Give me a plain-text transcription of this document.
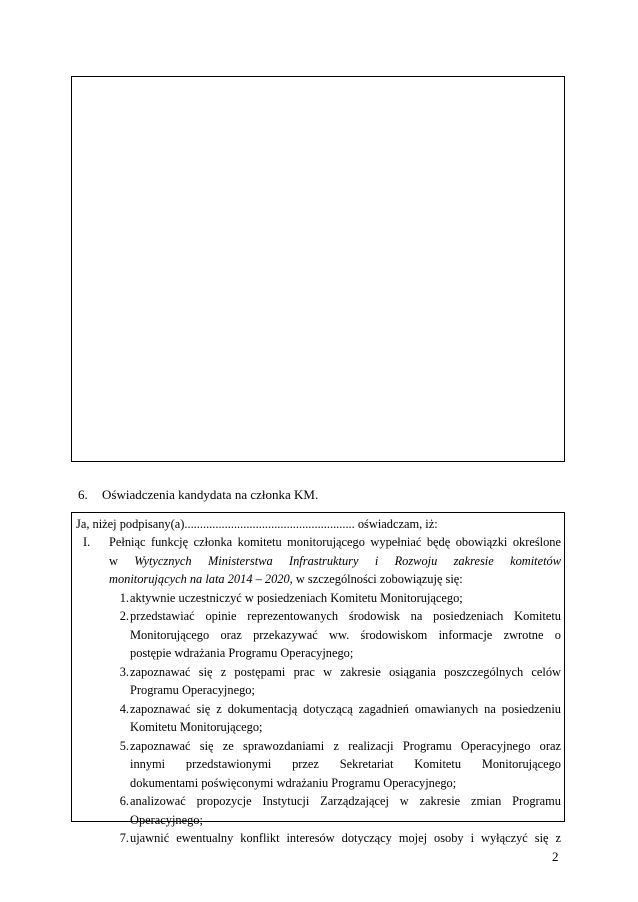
6. Oświadczenia kandydata na członka KM.
Ja, niżej podpisany(a)....................................................... oświadczam, iż:
I. Pełniąc funkcję członka komitetu monitorującego wypełniać będę obowiązki określone
w Wytycznych Ministerstwa Infrastruktury i Rozwoju zakresie komitetów
monitorujących na lata 2014 – 2020, w szczególności zobowiązuję się:
1. aktywnie uczestniczyć w posiedzeniach Komitetu Monitorującego;
2. przedstawiać opinie reprezentowanych środowisk na posiedzeniach Komitetu
Monitorującego oraz przekazywać ww. środowiskom informacje zwrotne o
postępie wdrażania Programu Operacyjnego;
3. zapoznawać się z postępami prac w zakresie osiągania poszczególnych celów
Programu Operacyjnego;
4. zapoznawać się z dokumentacją dotyczącą zagadnień omawianych na posiedzeniu
Komitetu Monitorującego;
5. zapoznawać się ze sprawozdaniami z realizacji Programu Operacyjnego oraz
innymi przedstawionymi przez Sekretariat Komitetu Monitorującego
dokumentami poświęconymi wdrażaniu Programu Operacyjnego;
6. analizować propozycje Instytucji Zarządzającej w zakresie zmian Programu
Operacyjnego;
7. ujawnić ewentualny konflikt interesów dotyczący mojej osoby i wyłączyć się z
2
